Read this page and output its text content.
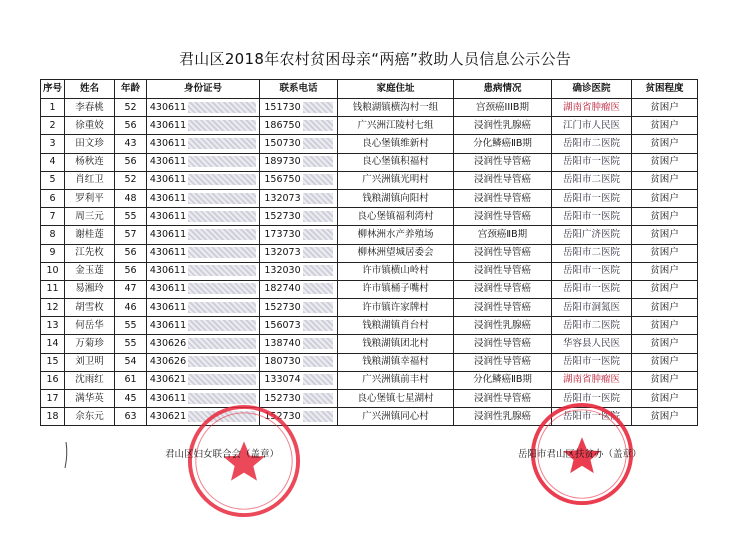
君山区2018年农村贫困母亲“两癌”救助人员信息公示公告
序号	姓名	年龄	身份证号	联系电话	家庭住址	患病情况	确诊医院	贫困程度
1	李春桃	52	430611	151730	钱粮湖镇横沟村一组	宫颈癌IIIB期	湖南省肿瘤医	贫困户
2	徐重姣	56	430611	186750	广兴洲江陵村七组	浸润性乳腺癌	江门市人民医	贫困户
3	田文珍	43	430611	150730	良心堡镇维新村	分化鳞癌ⅡB期	岳阳市二医院	贫困户
4	杨秋连	56	430611	189730	良心堡镇积福村	浸润性导管癌	岳阳市一医院	贫困户
5	肖红卫	52	430611	156750	广兴洲镇光明村	浸润性导管癌	岳阳市二医院	贫困户
6	罗利平	48	430611	132073	钱粮湖镇向阳村	浸润性导管癌	岳阳市一医院	贫困户
7	周三元	55	430611	152730	良心堡镇福利湾村	浸润性导管癌	岳阳市一医院	贫困户
8	谢桂莲	57	430611	173730	柳林洲水产养殖场	宫颈癌ⅡB期	岳阳广济医院	贫困户
9	江先枚	56	430611	132073	柳林洲望城居委会	浸润性导管癌	岳阳市二医院	贫困户
10	金玉莲	56	430611	132030	许市镇横山岭村	浸润性导管癌	岳阳市一医院	贫困户
11	易湘玲	47	430611	182740	许市镇桶子嘴村	浸润性导管癌	岳阳市一医院	贫困户
12	胡雪枚	46	430611	152730	许市镇许家牌村	浸润性导管癌	岳阳市洞氮医	贫困户
13	何岳华	55	430611	156073	钱粮湖镇肖台村	浸润性乳腺癌	岳阳市二医院	贫困户
14	万菊珍	55	430626	138740	钱粮湖镇团北村	浸润性导管癌	华容县人民医	贫困户
15	刘卫明	54	430626	180730	钱粮湖镇幸福村	浸润性导管癌	岳阳市一医院	贫困户
16	沈雨红	61	430621	133074	广兴洲镇前丰村	分化鳞癌ⅡB期	湖南省肿瘤医	贫困户
17	满华英	45	430611	152730	良心堡镇七星湖村	浸润性导管癌	岳阳市一医院	贫困户
18	佘东元	63	430621	152730	广兴洲镇同心村	浸润性乳腺癌	岳阳市一医院	贫困户
君山区妇女联合会（盖章）	岳阳市君山区扶贫办（盖章）
